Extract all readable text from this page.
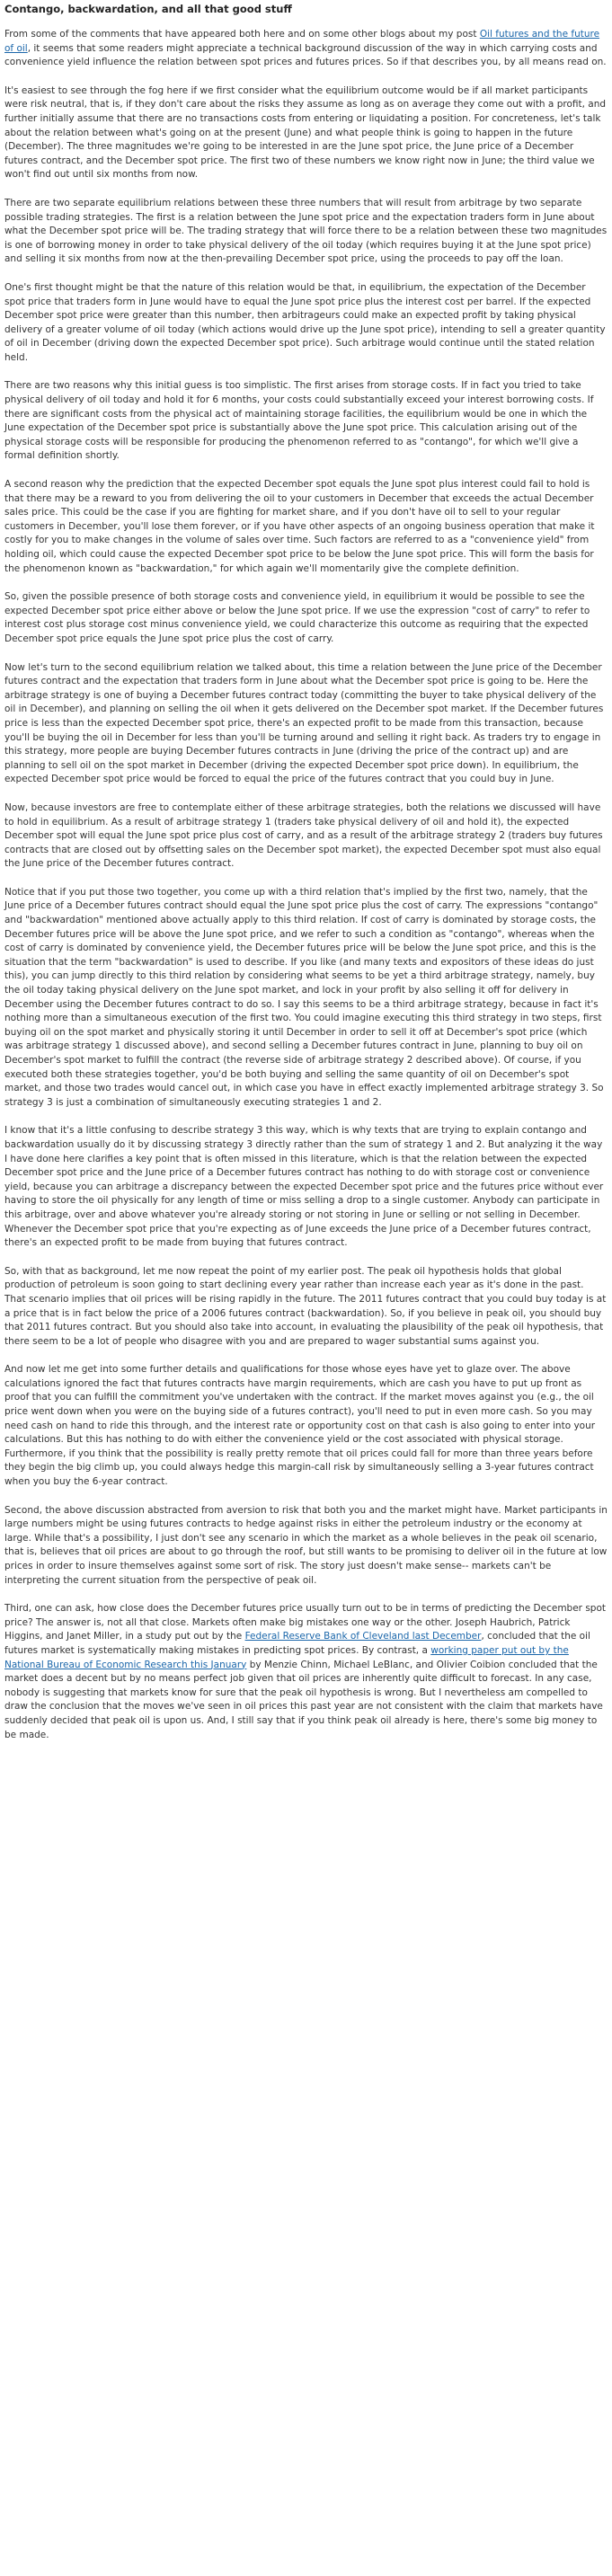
Contango, backwardation, and all that good stuff

From some of the comments that have appeared both here and on some other blogs about my post Oil futures and the future of oil, it seems that some readers might appreciate a technical background discussion of the way in which carrying costs and convenience yield influence the relation between spot prices and futures prices. So if that describes you, by all means read on.

It's easiest to see through the fog here if we first consider what the equilibrium outcome would be if all market participants were risk neutral, that is, if they don't care about the risks they assume as long as on average they come out with a profit, and further initially assume that there are no transactions costs from entering or liquidating a position. For concreteness, let's talk about the relation between what's going on at the present (June) and what people think is going to happen in the future (December). The three magnitudes we're going to be interested in are the June spot price, the June price of a December futures contract, and the December spot price. The first two of these numbers we know right now in June; the third value we won't find out until six months from now.

There are two separate equilibrium relations between these three numbers that will result from arbitrage by two separate possible trading strategies. The first is a relation between the June spot price and the expectation traders form in June about what the December spot price will be. The trading strategy that will force there to be a relation between these two magnitudes is one of borrowing money in order to take physical delivery of the oil today (which requires buying it at the June spot price) and selling it six months from now at the then-prevailing December spot price, using the proceeds to pay off the loan.

One's first thought might be that the nature of this relation would be that, in equilibrium, the expectation of the December spot price that traders form in June would have to equal the June spot price plus the interest cost per barrel. If the expected December spot price were greater than this number, then arbitrageurs could make an expected profit by taking physical delivery of a greater volume of oil today (which actions would drive up the June spot price), intending to sell a greater quantity of oil in December (driving down the expected December spot price). Such arbitrage would continue until the stated relation held.

There are two reasons why this initial guess is too simplistic. The first arises from storage costs. If in fact you tried to take physical delivery of oil today and hold it for 6 months, your costs could substantially exceed your interest borrowing costs. If there are significant costs from the physical act of maintaining storage facilities, the equilibrium would be one in which the June expectation of the December spot price is substantially above the June spot price. This calculation arising out of the physical storage costs will be responsible for producing the phenomenon referred to as "contango", for which we'll give a formal definition shortly.

A second reason why the prediction that the expected December spot equals the June spot plus interest could fail to hold is that there may be a reward to you from delivering the oil to your customers in December that exceeds the actual December sales price. This could be the case if you are fighting for market share, and if you don't have oil to sell to your regular customers in December, you'll lose them forever, or if you have other aspects of an ongoing business operation that make it costly for you to make changes in the volume of sales over time. Such factors are referred to as a "convenience yield" from holding oil, which could cause the expected December spot price to be below the June spot price. This will form the basis for the phenomenon known as "backwardation," for which again we'll momentarily give the complete definition.

So, given the possible presence of both storage costs and convenience yield, in equilibrium it would be possible to see the expected December spot price either above or below the June spot price. If we use the expression "cost of carry" to refer to interest cost plus storage cost minus convenience yield, we could characterize this outcome as requiring that the expected December spot price equals the June spot price plus the cost of carry.

Now let's turn to the second equilibrium relation we talked about, this time a relation between the June price of the December futures contract and the expectation that traders form in June about what the December spot price is going to be. Here the arbitrage strategy is one of buying a December futures contract today (committing the buyer to take physical delivery of the oil in December), and planning on selling the oil when it gets delivered on the December spot market. If the December futures price is less than the expected December spot price, there's an expected profit to be made from this transaction, because you'll be buying the oil in December for less than you'll be turning around and selling it right back. As traders try to engage in this strategy, more people are buying December futures contracts in June (driving the price of the contract up) and are planning to sell oil on the spot market in December (driving the expected December spot price down). In equilibrium, the expected December spot price would be forced to equal the price of the futures contract that you could buy in June.

Now, because investors are free to contemplate either of these arbitrage strategies, both the relations we discussed will have to hold in equilibrium. As a result of arbitrage strategy 1 (traders take physical delivery of oil and hold it), the expected December spot will equal the June spot price plus cost of carry, and as a result of the arbitrage strategy 2 (traders buy futures contracts that are closed out by offsetting sales on the December spot market), the expected December spot must also equal the June price of the December futures contract.

Notice that if you put those two together, you come up with a third relation that's implied by the first two, namely, that the June price of a December futures contract should equal the June spot price plus the cost of carry. The expressions "contango" and "backwardation" mentioned above actually apply to this third relation. If cost of carry is dominated by storage costs, the December futures price will be above the June spot price, and we refer to such a condition as "contango", whereas when the cost of carry is dominated by convenience yield, the December futures price will be below the June spot price, and this is the situation that the term "backwardation" is used to describe. If you like (and many texts and expositors of these ideas do just this), you can jump directly to this third relation by considering what seems to be yet a third arbitrage strategy, namely, buy the oil today taking physical delivery on the June spot market, and lock in your profit by also selling it off for delivery in December using the December futures contract to do so. I say this seems to be a third arbitrage strategy, because in fact it's nothing more than a simultaneous execution of the first two. You could imagine executing this third strategy in two steps, first buying oil on the spot market and physically storing it until December in order to sell it off at December's spot price (which was arbitrage strategy 1 discussed above), and second selling a December futures contract in June, planning to buy oil on December's spot market to fulfill the contract (the reverse side of arbitrage strategy 2 described above). Of course, if you executed both these strategies together, you'd be both buying and selling the same quantity of oil on December's spot market, and those two trades would cancel out, in which case you have in effect exactly implemented arbitrage strategy 3. So strategy 3 is just a combination of simultaneously executing strategies 1 and 2.

I know that it's a little confusing to describe strategy 3 this way, which is why texts that are trying to explain contango and backwardation usually do it by discussing strategy 3 directly rather than the sum of strategy 1 and 2. But analyzing it the way I have done here clarifies a key point that is often missed in this literature, which is that the relation between the expected December spot price and the June price of a December futures contract has nothing to do with storage cost or convenience yield, because you can arbitrage a discrepancy between the expected December spot price and the futures price without ever having to store the oil physically for any length of time or miss selling a drop to a single customer. Anybody can participate in this arbitrage, over and above whatever you're already storing or not storing in June or selling or not selling in December. Whenever the December spot price that you're expecting as of June exceeds the June price of a December futures contract, there's an expected profit to be made from buying that futures contract.

So, with that as background, let me now repeat the point of my earlier post. The peak oil hypothesis holds that global production of petroleum is soon going to start declining every year rather than increase each year as it's done in the past. That scenario implies that oil prices will be rising rapidly in the future. The 2011 futures contract that you could buy today is at a price that is in fact below the price of a 2006 futures contract (backwardation). So, if you believe in peak oil, you should buy that 2011 futures contract. But you should also take into account, in evaluating the plausibility of the peak oil hypothesis, that there seem to be a lot of people who disagree with you and are prepared to wager substantial sums against you.

And now let me get into some further details and qualifications for those whose eyes have yet to glaze over. The above calculations ignored the fact that futures contracts have margin requirements, which are cash you have to put up front as proof that you can fulfill the commitment you've undertaken with the contract. If the market moves against you (e.g., the oil price went down when you were on the buying side of a futures contract), you'll need to put in even more cash. So you may need cash on hand to ride this through, and the interest rate or opportunity cost on that cash is also going to enter into your calculations. But this has nothing to do with either the convenience yield or the cost associated with physical storage. Furthermore, if you think that the possibility is really pretty remote that oil prices could fall for more than three years before they begin the big climb up, you could always hedge this margin-call risk by simultaneously selling a 3-year futures contract when you buy the 6-year contract.

Second, the above discussion abstracted from aversion to risk that both you and the market might have. Market participants in large numbers might be using futures contracts to hedge against risks in either the petroleum industry or the economy at large. While that's a possibility, I just don't see any scenario in which the market as a whole believes in the peak oil scenario, that is, believes that oil prices are about to go through the roof, but still wants to be promising to deliver oil in the future at low prices in order to insure themselves against some sort of risk. The story just doesn't make sense-- markets can't be interpreting the current situation from the perspective of peak oil.

Third, one can ask, how close does the December futures price usually turn out to be in terms of predicting the December spot price? The answer is, not all that close. Markets often make big mistakes one way or the other. Joseph Haubrich, Patrick Higgins, and Janet Miller, in a study put out by the Federal Reserve Bank of Cleveland last December, concluded that the oil futures market is systematically making mistakes in predicting spot prices. By contrast, a working paper put out by the National Bureau of Economic Research this January by Menzie Chinn, Michael LeBlanc, and Olivier Coibion concluded that the market does a decent but by no means perfect job given that oil prices are inherently quite difficult to forecast. In any case, nobody is suggesting that markets know for sure that the peak oil hypothesis is wrong. But I nevertheless am compelled to draw the conclusion that the moves we've seen in oil prices this past year are not consistent with the claim that markets have suddenly decided that peak oil is upon us. And, I still say that if you think peak oil already is here, there's some big money to be made.
